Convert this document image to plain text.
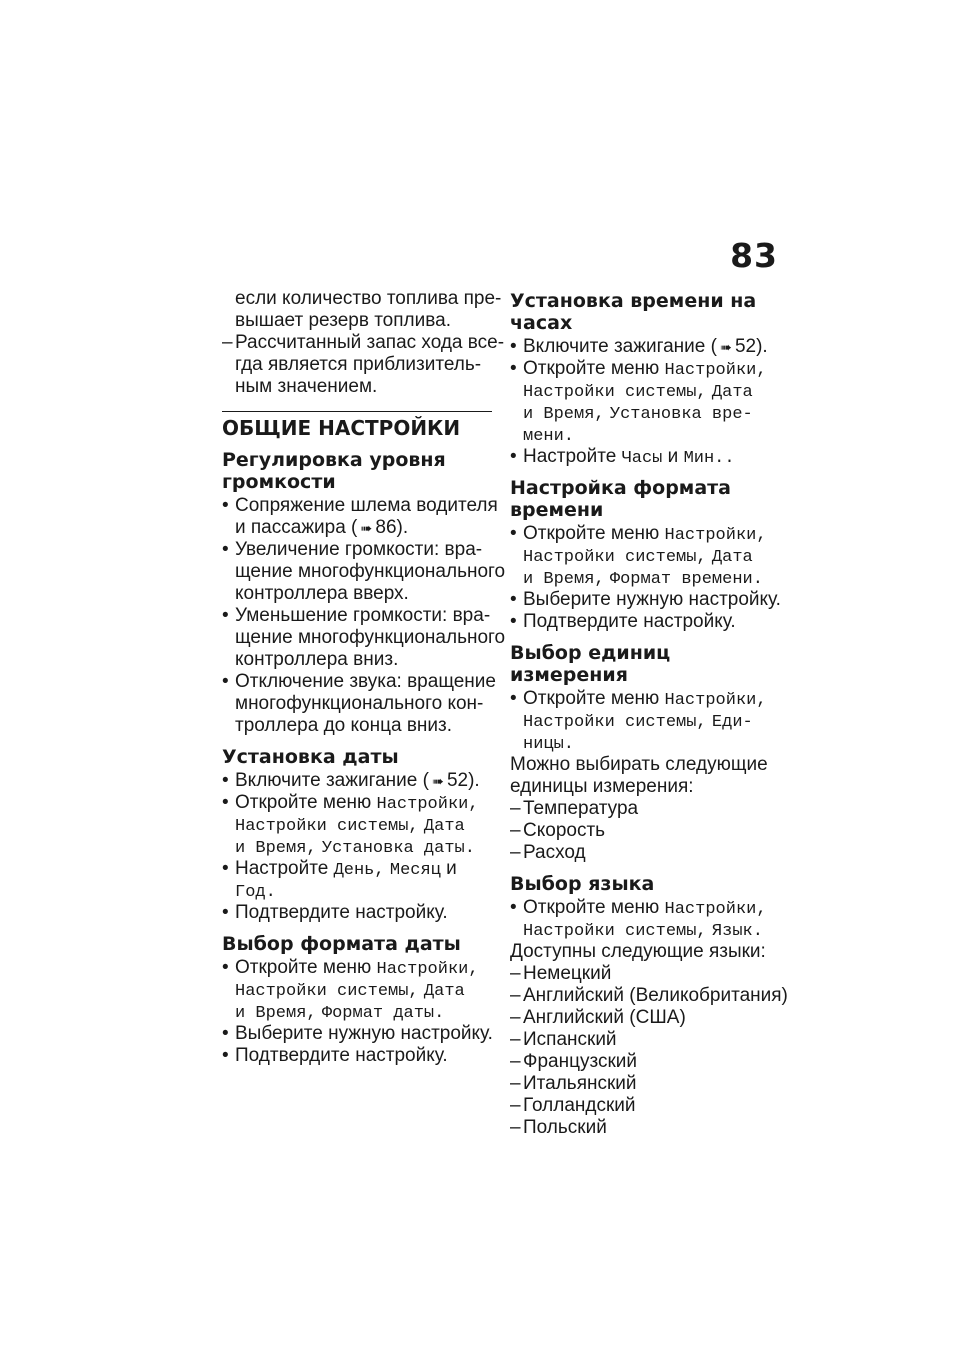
83
если количество топлива пре-
вышает резерв топлива.
– Рассчитанный запас хода все-
гда является приблизитель-
ным значением.
ОБЩИЕ НАСТРОЙКИ
Регулировка уровня
громкости
• Сопряжение шлема водителя
и пассажира ( ➠ 86).
• Увеличение громкости: вра-
щение многофункционального
контроллера вверх.
• Уменьшение громкости: вра-
щение многофункционального
контроллера вниз.
• Отключение звука: вращение
многофункционального кон-
троллера до конца вниз.
Установка даты
• Включите зажигание ( ➠ 52).
• Откройте меню Настройки,
Настройки системы, Дата
и Время, Установка даты.
• Настройте День, Месяц и
Год.
• Подтвердите настройку.
Выбор формата даты
• Откройте меню Настройки,
Настройки системы, Дата
и Время, Формат даты.
• Выберите нужную настройку.
• Подтвердите настройку.
Установка времени на часах
• Включите зажигание ( ➠ 52).
• Откройте меню Настройки,
Настройки системы, Дата
и Время, Установка вре-
мени.
• Настройте Часы и Мин..
Настройка формата
времени
• Откройте меню Настройки,
Настройки системы, Дата
и Время, Формат времени.
• Выберите нужную настройку.
• Подтвердите настройку.
Выбор единиц измерения
• Откройте меню Настройки,
Настройки системы, Еди-
ницы.
Можно выбирать следующие
единицы измерения:
– Температура
– Скорость
– Расход
Выбор языка
• Откройте меню Настройки,
Настройки системы, Язык.
Доступны следующие языки:
– Немецкий
– Английский (Великобритания)
– Английский (США)
– Испанский
– Французский
– Итальянский
– Голландский
– Польский
